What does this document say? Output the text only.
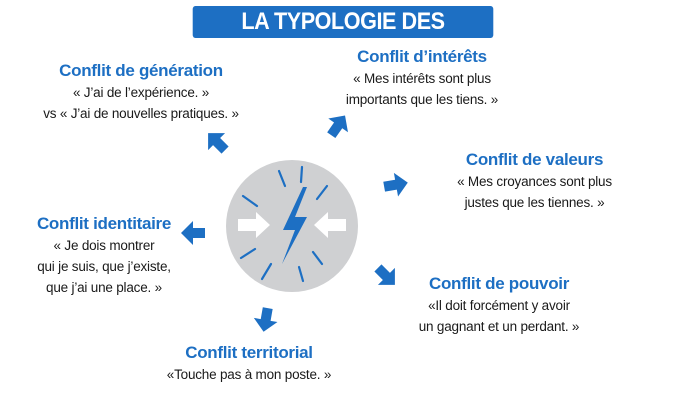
LA TYPOLOGIE DES CONFLITS
Conflit de génération
« J’ai de l’expérience. »
vs « J’ai de nouvelles pratiques. »
Conflit d’intérêts
« Mes intérêts sont plus
importants que les tiens. »
Conflit de valeurs
« Mes croyances sont plus
justes que les tiennes. »
Conflit identitaire
« Je dois montrer
qui je suis, que j’existe,
que j’ai une place. »	Conflit de pouvoir
«Il doit forcément y avoir
un gagnant et un perdant. »
Conflit territorial
«Touche pas à mon poste. »
